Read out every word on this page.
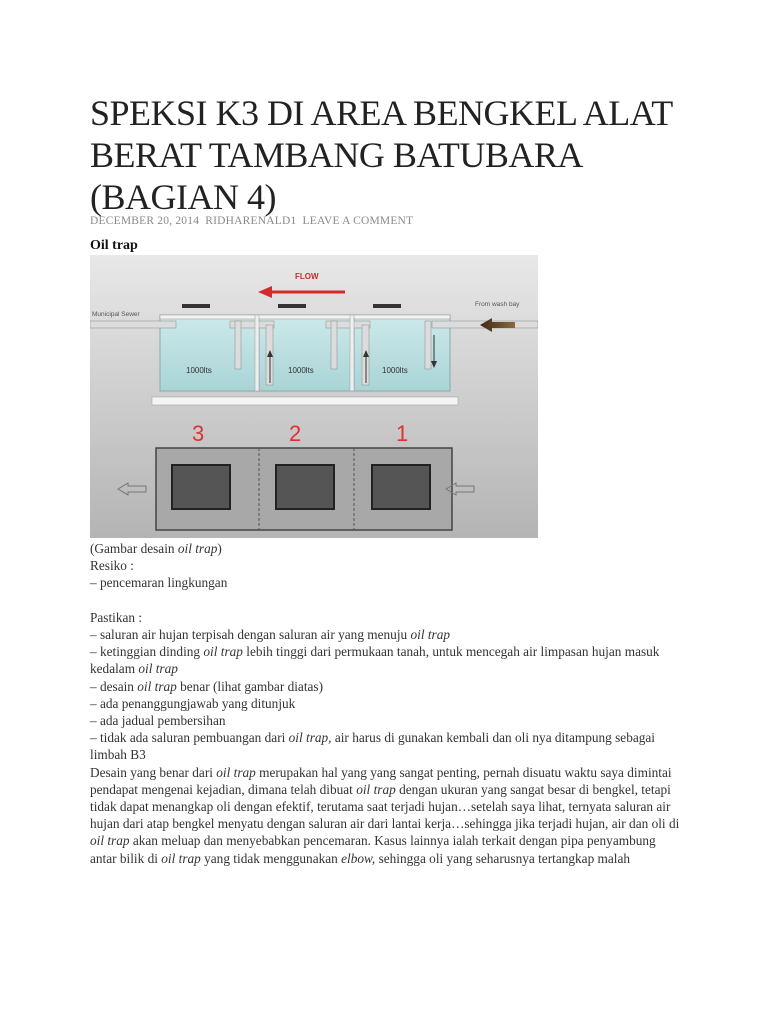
SPEKSI K3 DI AREA BENGKEL ALAT BERAT TAMBANG BATUBARA (BAGIAN 4)
DECEMBER 20, 2014 RIDHARENALD1 LEAVE A COMMENT
Oil trap
FLOW
Municipal Sewer
From wash bay
1000lts	1000lts	1000lts
3	2	1

(Gambar desain oil trap)

Resiko :

– pencemaran lingkungan

Pastikan :

– saluran air hujan terpisah dengan saluran air yang menuju oil trap

– ketinggian dinding oil trap lebih tinggi dari permukaan tanah, untuk mencegah air limpasan hujan masuk kedalam oil trap

– desain oil trap benar (lihat gambar diatas)

– ada penanggungjawab yang ditunjuk

– ada jadual pembersihan

– tidak ada saluran pembuangan dari oil trap, air harus di gunakan kembali dan oli nya ditampung sebagai limbah B3

Desain yang benar dari oil trap merupakan hal yang yang sangat penting, pernah disuatu waktu saya dimintai pendapat mengenai kejadian, dimana telah dibuat oil trap dengan ukuran yang sangat besar di bengkel, tetapi tidak dapat menangkap oli dengan efektif, terutama saat terjadi hujan…setelah saya lihat, ternyata saluran air hujan dari atap bengkel menyatu dengan saluran air dari lantai kerja…sehingga jika terjadi hujan, air dan oli di oil trap akan meluap dan menyebabkan pencemaran. Kasus lainnya ialah terkait dengan pipa penyambung antar bilik di oil trap yang tidak menggunakan elbow, sehingga oli yang seharusnya tertangkap malah
